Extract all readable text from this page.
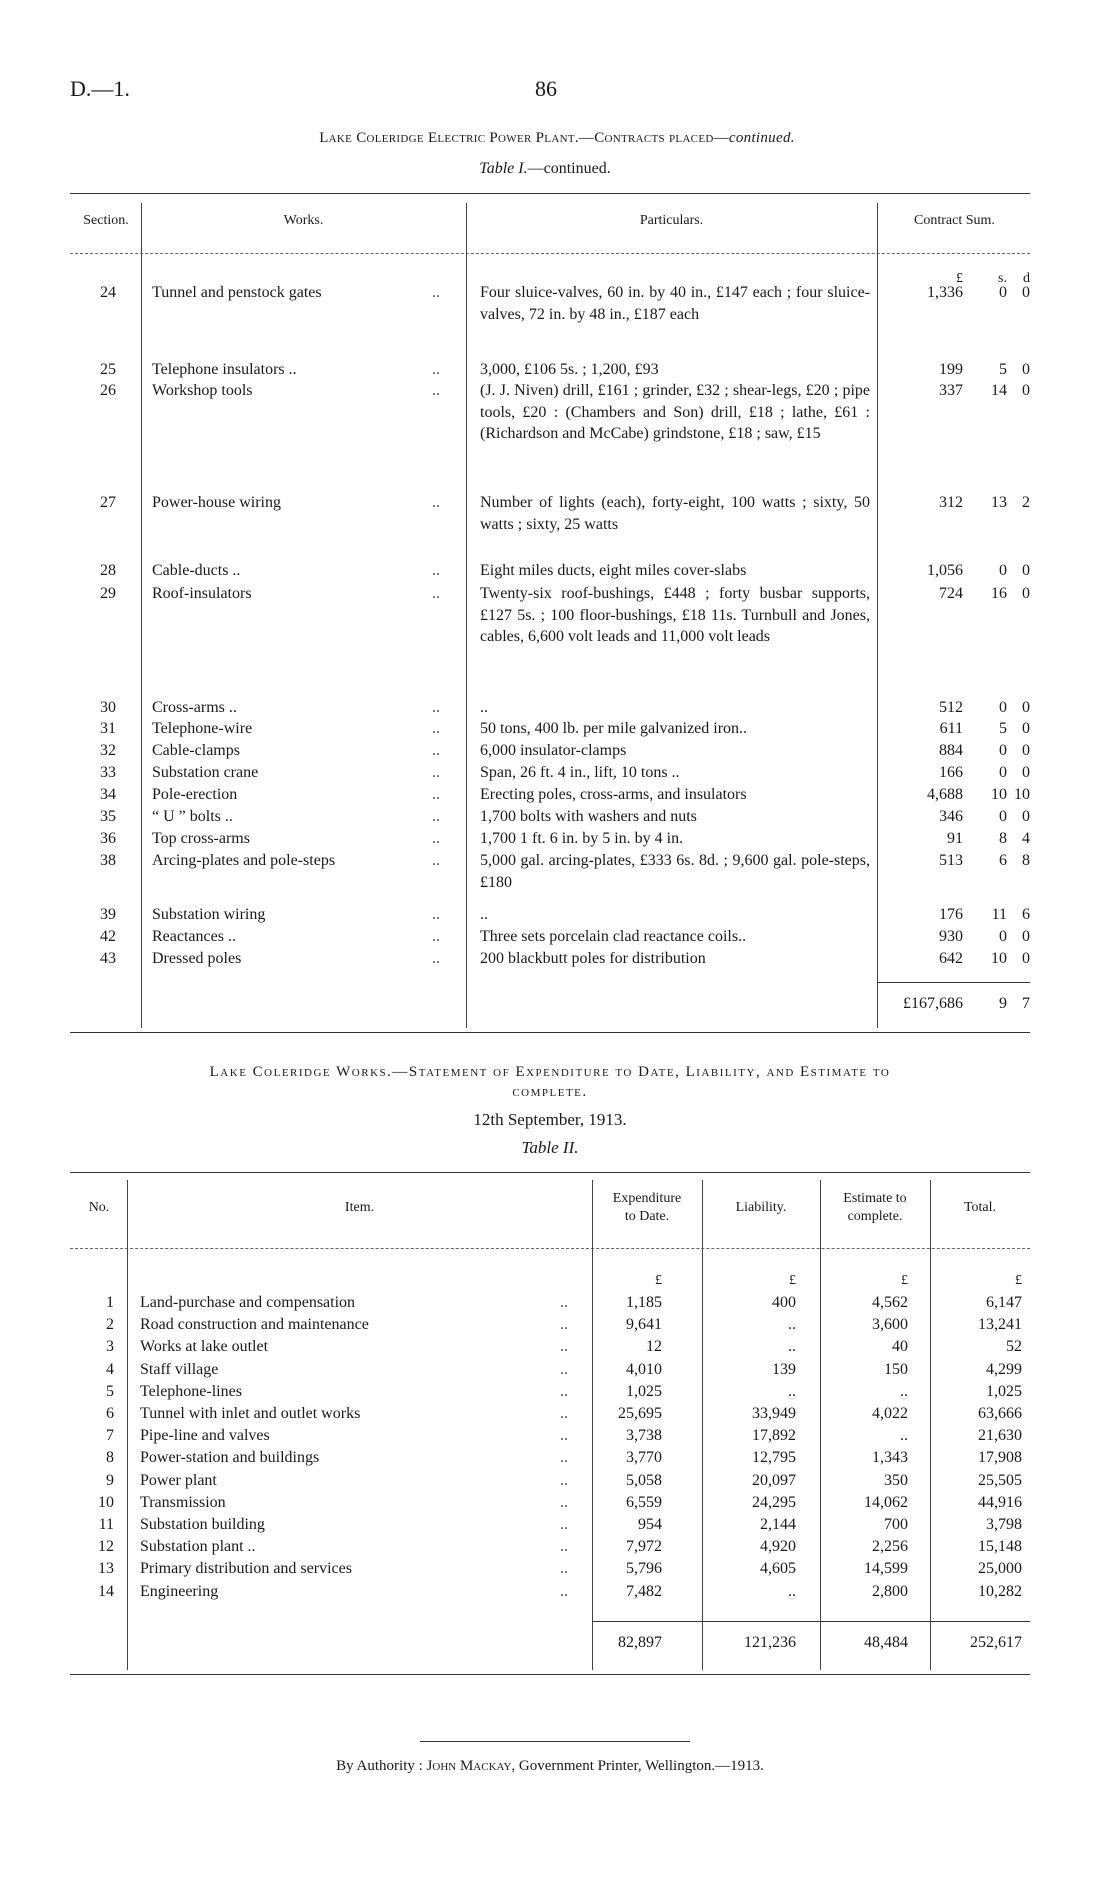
D.—1.	86
Lake Coleridge Electric Power Plant.—Contracts placed—continued.
Table I.—continued.
Section.	Works.	Particulars.	Contract Sum.
£	s.	d
24 Tunnel and penstock gates	..	Four sluice-valves, 60 in. by 40 in., £147 each ; four sluice-valves, 72 in. by 48 in., £187 each
1,336	0 0
25 Telephone insulators ..	..	3,000, £106 5s. ; 1,200, £93	199	5 0
26 Workshop tools	..	(J. J. Niven) drill, £161 ; grinder, £32 ; shear-legs, £20 ; pipe tools, £20 : (Chambers and Son) drill, £18 ; lathe, £61 : (Richardson and McCabe) grindstone, £18 ; saw, £15
337	14 0
27 Power-house wiring	..	Number of lights (each), forty-eight, 100 watts ; sixty, 50 watts ; sixty, 25 watts
312	13 2
28 Cable-ducts ..	..	Eight miles ducts, eight miles cover-slabs	1,056	0 0
29 Roof-insulators	..	Twenty-six roof-bushings, £448 ; forty busbar supports, £127 5s. ; 100 floor-bushings, £18 11s. Turnbull and Jones, cables, 6,600 volt leads and 11,000 volt leads
724	16 0
30 Cross-arms ..	..	..	512	0 0
31 Telephone-wire	..	50 tons, 400 lb. per mile galvanized iron..	611	5 0
32 Cable-clamps	..	6,000 insulator-clamps	884	0 0
33 Substation crane	..	Span, 26 ft. 4 in., lift, 10 tons ..	166	0 0
34 Pole-erection	..	Erecting poles, cross-arms, and insulators	4,688	10 10
35 “ U ” bolts ..	..	1,700 bolts with washers and nuts	346	0 0
36 Top cross-arms	..	1,700 1 ft. 6 in. by 5 in. by 4 in.	91	8 4
38 Arcing-plates and pole-steps	..	5,000 gal. arcing-plates, £333 6s. 8d. ; 9,600 gal. pole-steps, £180
513	6 8
39 Substation wiring	..	..	176	11 6
42 Reactances ..	..	Three sets porcelain clad reactance coils..	930	0 0
43 Dressed poles	..	200 blackbutt poles for distribution	642	10 0
£167,686	9 7
Lake Coleridge Works.—Statement of Expenditure to Date, Liability, and Estimate to
complete.
12th September, 1913.
Table II.
No.	Item.
Expenditure
to Date.
Liability.
Estimate to
complete.
Total.
£	£	£	£
1 Land-purchase and compensation	..	1,185	400	4,562	6,147
2 Road construction and maintenance	..	9,641	..	3,600	13,241
3 Works at lake outlet	..	12	..	40	52
4 Staff village	..	4,010	139	150	4,299
5 Telephone-lines	..	1,025	..	..	1,025
6 Tunnel with inlet and outlet works	..	25,695	33,949	4,022	63,666
7 Pipe-line and valves	..	3,738	17,892	..	21,630
8 Power-station and buildings	..	3,770	12,795	1,343	17,908
9 Power plant	..	5,058	20,097	350	25,505
10 Transmission	..	6,559	24,295	14,062	44,916
11 Substation building	..	954	2,144	700	3,798
12 Substation plant ..	..	7,972	4,920	2,256	15,148
13 Primary distribution and services	..	5,796	4,605	14,599	25,000
14 Engineering	..	7,482	..	2,800	10,282
82,897	121,236	48,484	252,617
By Authority : John Mackay, Government Printer, Wellington.—1913.
